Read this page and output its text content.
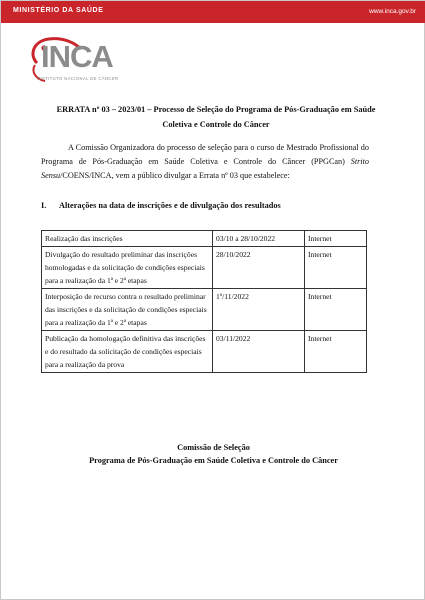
MINISTÉRIO DA SAÚDE	www.inca.gov.br
INCA
INSTITUTO NACIONAL DE CÂNCER
ERRATA nº 03 – 2023/01 – Processo de Seleção do Programa de Pós-Graduação em Saúde
Coletiva e Controle do Câncer
A Comissão Organizadora do processo de seleção para o curso de Mestrado Profissional do Programa de Pós-Graduação em Saúde Coletiva e Controle do Câncer (PPGCan) Strito Sensu/COENS/INCA, vem a público divulgar a Errata nº 03 que estabelece:
I. Alterações na data de inscrições e de divulgação dos resultados
Realização das inscrições	03/10 a 28/10/2022	Internet
Divulgação do resultado preliminar das inscrições homologadas e da solicitação de condições especiais para a realização da 1ª e 2ª etapas	28/10/2022	Internet
Interposição de recurso contra o resultado preliminar das inscrições e da solicitação de condições especiais para a realização da 1ª e 2ª etapas	1º/11/2022	Internet
Publicação da homologação definitiva das inscrições e do resultado da solicitação de condições especiais para a realização da prova	03/11/2022	Internet
Comissão de Seleção
Programa de Pós-Graduação em Saúde Coletiva e Controle do Câncer
